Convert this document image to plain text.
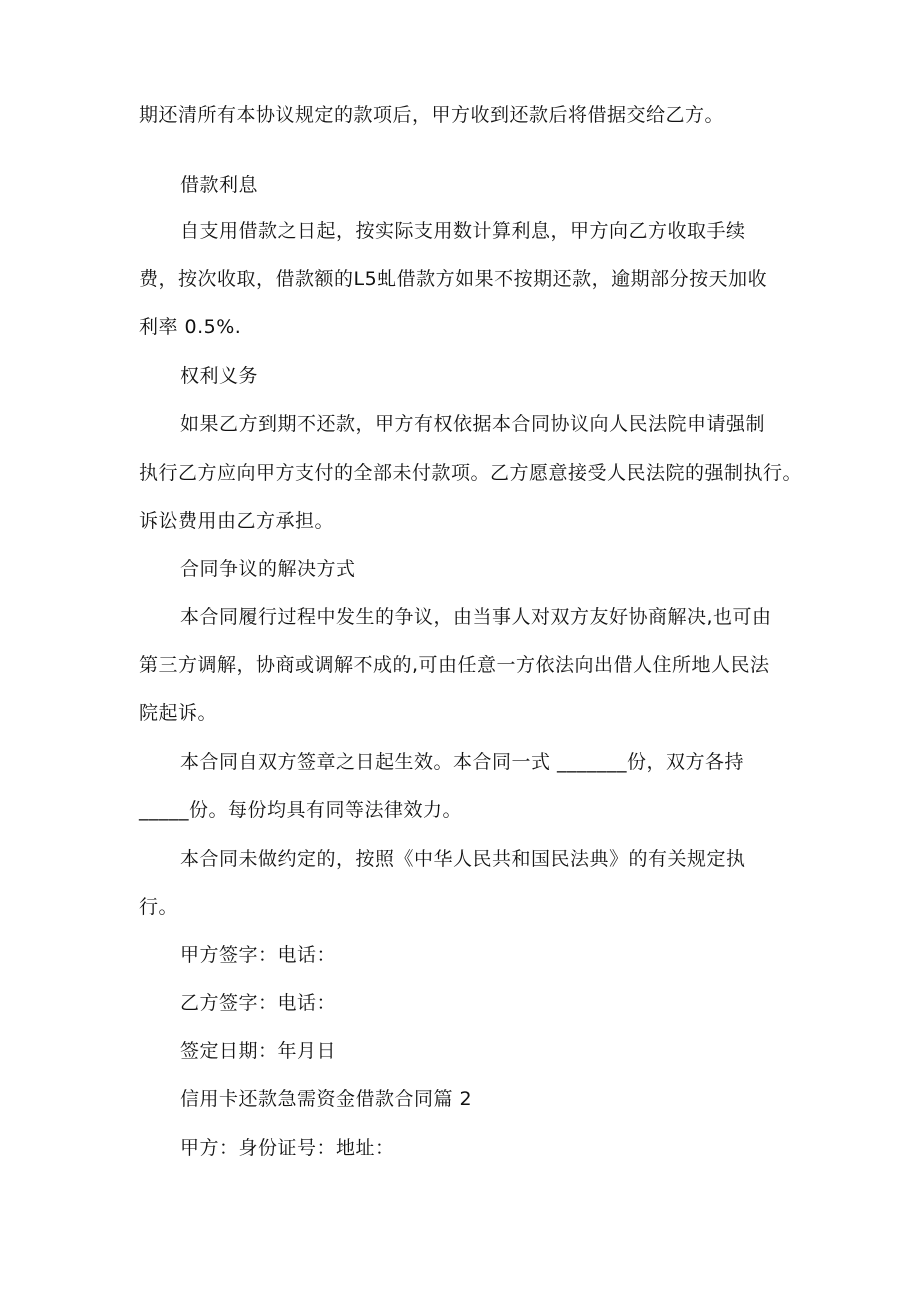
期还清所有本协议规定的款项后，甲方收到还款后将借据交给乙方。
借款利息
自支用借款之日起，按实际支用数计算利息，甲方向乙方收取手续
费，按次收取，借款额的L5虬借款方如果不按期还款，逾期部分按天加收
利率 0.5%.
权利义务
如果乙方到期不还款，甲方有权依据本合同协议向人民法院申请强制
执行乙方应向甲方支付的全部未付款项。乙方愿意接受人民法院的强制执行。
诉讼费用由乙方承担。
合同争议的解决方式
本合同履行过程中发生的争议，由当事人对双方友好协商解决,也可由
第三方调解，协商或调解不成的,可由任意一方依法向出借人住所地人民法
院起诉。
本合同自双方签章之日起生效。本合同一式 _______份，双方各持
_____份。每份均具有同等法律效力。
本合同未做约定的，按照《中华人民共和国民法典》的有关规定执
行。
甲方签字：电话：
乙方签字：电话：
签定日期：年月日
信用卡还款急需资金借款合同篇 2
甲方：身份证号：地址：
